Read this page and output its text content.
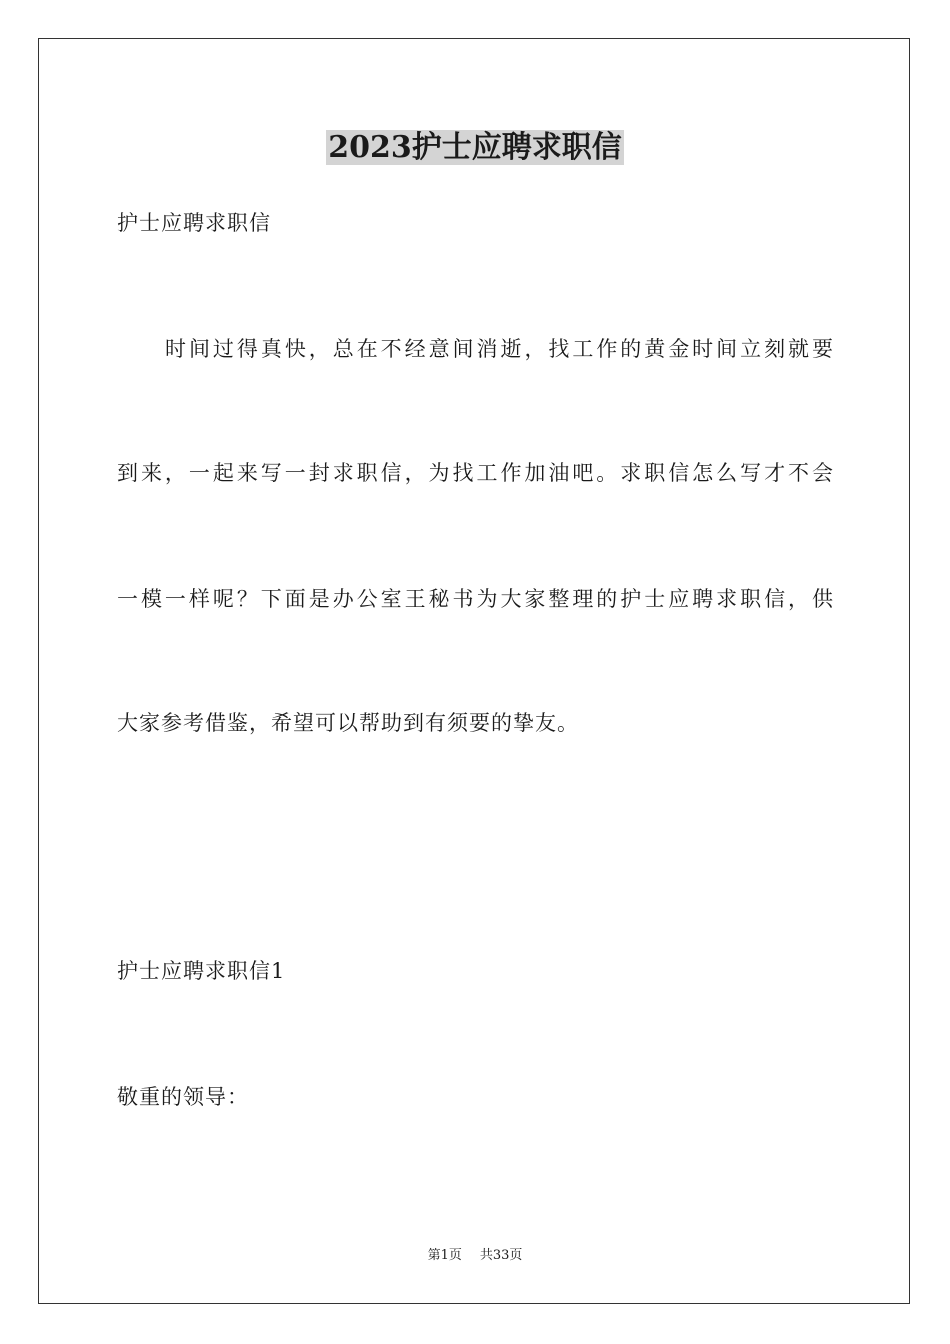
2023护士应聘求职信
护士应聘求职信
时间过得真快，总在不经意间消逝，找工作的黄金时间立刻就要
到来，一起来写一封求职信，为找工作加油吧。求职信怎么写才不会
一模一样呢？下面是办公室王秘书为大家整理的护士应聘求职信，供
大家参考借鉴，希望可以帮助到有须要的挚友。
护士应聘求职信1
敬重的领导：
第1页 共33页
